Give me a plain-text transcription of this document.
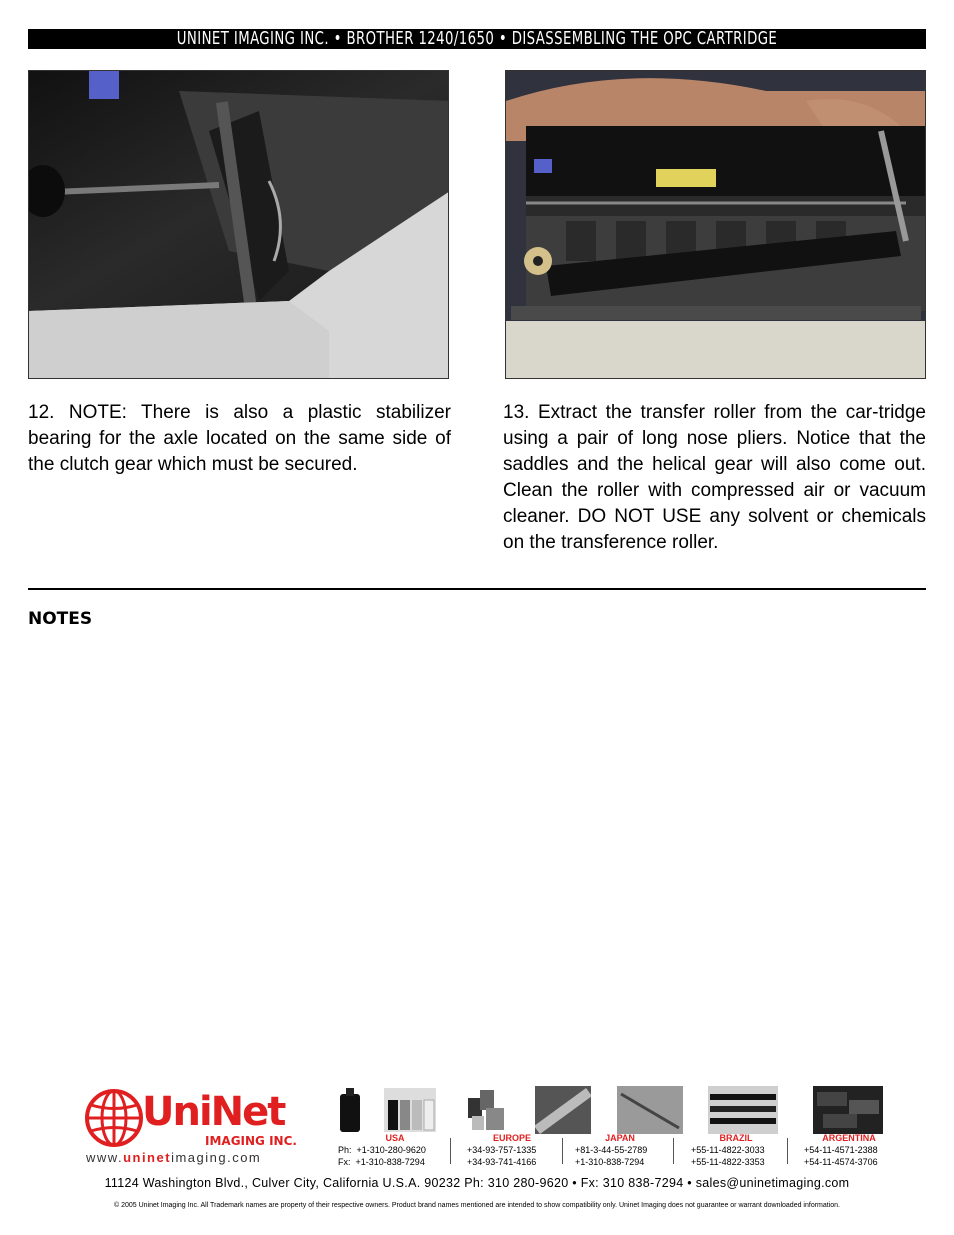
UNINET IMAGING INC. • BROTHER 1240/1650 • DISASSEMBLING THE OPC CARTRIDGE
12. NOTE: There is also a plastic stabilizer bearing for the axle located on the same side of the clutch gear which must be secured.
13. Extract the transfer roller from the car-tridge using a pair of long nose pliers. Notice that the saddles and the helical gear will also come out. Clean the roller with compressed air or vacuum cleaner. DO NOT USE any solvent or chemicals on the transference roller.
NOTES
UniNet
IMAGING INC.
www.uninetimaging.com
USA
Ph: +1-310-280-9620
Fx: +1-310-838-7294
EUROPE
+34-93-757-1335
+34-93-741-4166
JAPAN
+81-3-44-55-2789
+1-310-838-7294
BRAZIL
+55-11-4822-3033
+55-11-4822-3353
ARGENTINA
+54-11-4571-2388
+54-11-4574-3706
11124 Washington Blvd., Culver City, California U.S.A. 90232 Ph: 310 280-9620 • Fx: 310 838-7294 • sales@uninetimaging.com
© 2005 Uninet Imaging Inc. All Trademark names are property of their respective owners. Product brand names mentioned are intended to show compatibility only. Uninet Imaging does not guarantee or warrant downloaded information.
